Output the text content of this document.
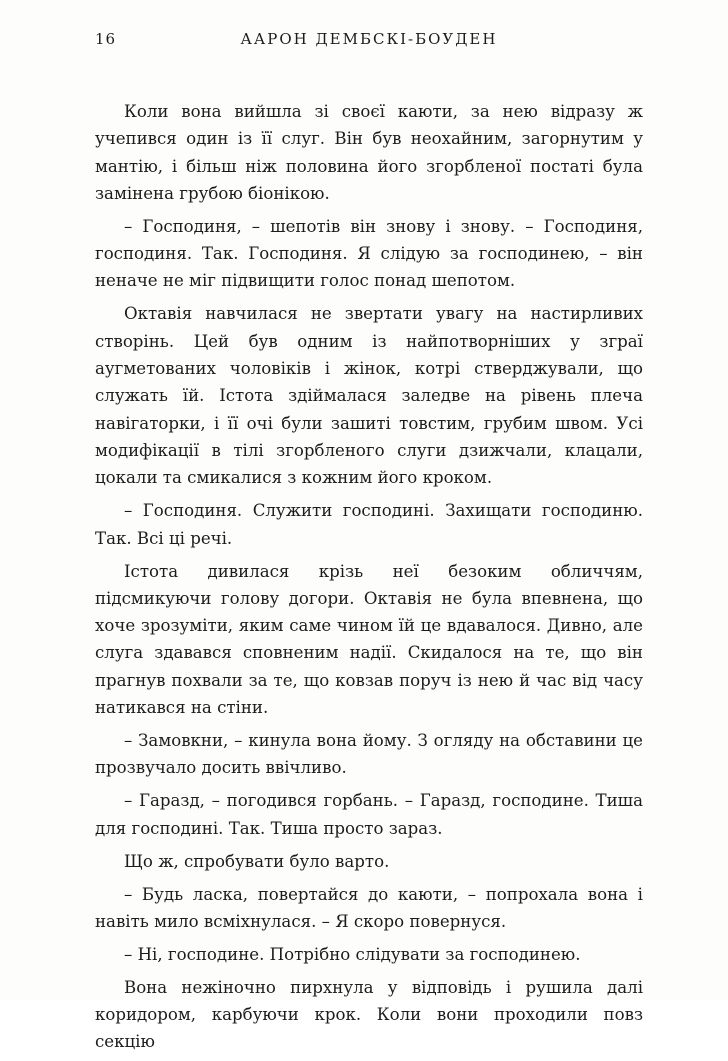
16	ААРОН ДЕМБСКІ-БОУДЕН

Коли вона вийшла зі своєї каюти, за нею відразу ж учепився один із її слуг. Він був неохайним, загорнутим у мантію, і більш ніж половина його згорбленої постаті була замінена грубою біонікою.

– Господиня, – шепотів він знову і знову. – Господиня, господиня. Так. Господиня. Я слідую за господинею, – він неначе не міг підвищити голос понад шепотом.

Октавія навчилася не звертати увагу на настирливих створінь. Цей був одним із найпотворніших у зграї аугметованих чоловіків і жінок, котрі стверджували, що служать їй. Істота здіймалася заледве на рівень плеча навігаторки, і її очі були зашиті товстим, грубим швом. Усі модифікації в тілі згорбленого слуги дзижчали, клацали, цокали та смикалися з кожним його кроком.

– Господиня. Служити господині. Захищати господиню. Так. Всі ці речі.

Істота дивилася крізь неї безоким обличчям, підсмикуючи голову догори. Октавія не була впевнена, що хоче зрозуміти, яким саме чином їй це вдавалося. Дивно, але слуга здавався сповненим надії. Скидалося на те, що він прагнув похвали за те, що ковзав поруч із нею й час від часу натикався на стіни.

– Замовкни, – кинула вона йому. З огляду на обставини це прозвучало досить ввічливо.

– Гаразд, – погодився горбань. – Гаразд, господине. Тиша для господині. Так. Тиша просто зараз.

Що ж, спробувати було варто.

– Будь ласка, повертайся до каюти, – попрохала вона і навіть мило всміхнулася. – Я скоро повернуся.

– Ні, господине. Потрібно слідувати за господинею.

Вона нежіночно пирхнула у відповідь і рушила далі коридором, карбуючи крок. Коли вони проходили повз секцію
